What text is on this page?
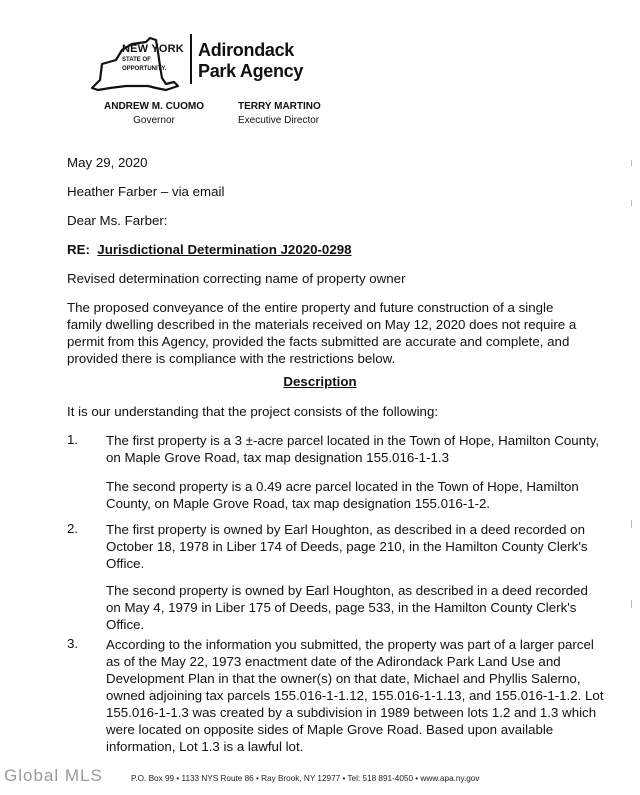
NEW YORK
STATE OF
OPPORTUNITY.
Adirondack
Park Agency
ANDREW M. CUOMO
Governor
TERRY MARTINO
Executive Director
May 29, 2020
Heather Farber – via email
Dear Ms. Farber:
RE: Jurisdictional Determination J2020-0298
Revised determination correcting name of property owner
The proposed conveyance of the entire property and future construction of a single family dwelling described in the materials received on May 12, 2020 does not require a permit from this Agency, provided the facts submitted are accurate and complete, and provided there is compliance with the restrictions below.
Description
It is our understanding that the project consists of the following:
1. The first property is a 3 ±-acre parcel located in the Town of Hope, Hamilton County, on Maple Grove Road, tax map designation 155.016-1-1.3
The second property is a 0.49 acre parcel located in the Town of Hope, Hamilton County, on Maple Grove Road, tax map designation 155.016-1-2.
2. The first property is owned by Earl Houghton, as described in a deed recorded on October 18, 1978 in Liber 174 of Deeds, page 210, in the Hamilton County Clerk's Office.
The second property is owned by Earl Houghton, as described in a deed recorded on May 4, 1979 in Liber 175 of Deeds, page 533, in the Hamilton County Clerk's Office.
3. According to the information you submitted, the property was part of a larger parcel as of the May 22, 1973 enactment date of the Adirondack Park Land Use and Development Plan in that the owner(s) on that date, Michael and Phyllis Salerno, owned adjoining tax parcels 155.016-1-1.12, 155.016-1-1.13, and 155.016-1-1.2. Lot 155.016-1-1.3 was created by a subdivision in 1989 between lots 1.2 and 1.3 which were located on opposite sides of Maple Grove Road. Based upon available information, Lot 1.3 is a lawful lot.
Global MLS	P.O. Box 99 • 1133 NYS Route 86 • Ray Brook, NY 12977 • Tel: 518 891-4050 • www.apa.ny.gov
